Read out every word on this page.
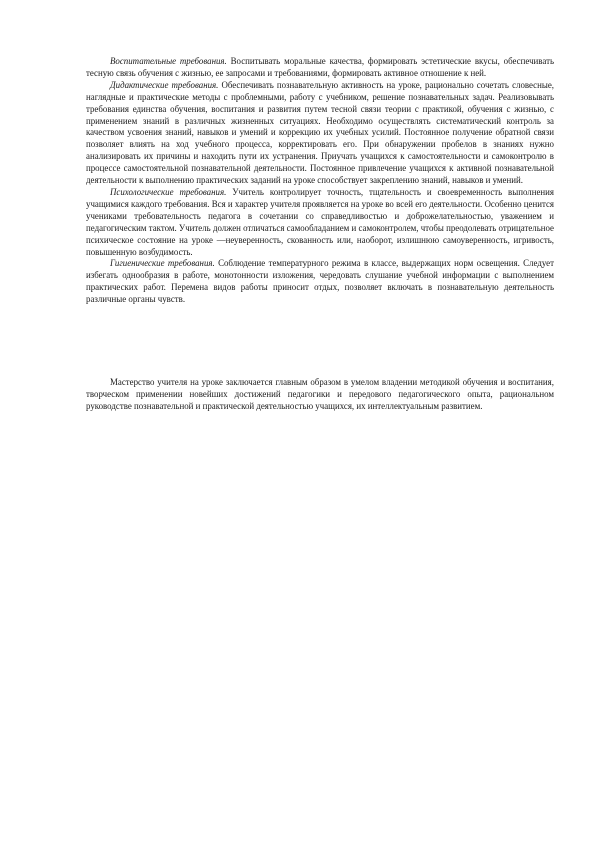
Воспитательные требования. Воспитывать моральные качества, формировать эстетические вкусы, обеспечивать тесную связь обучения с жизнью, ее запросами и требованиями, формировать активное отношение к ней.

Дидактические требования. Обеспечивать познавательную активность на уроке, рационально сочетать словесные, наглядные и практические методы с проблемными, работу с учебником, решение познавательных задач. Реализовывать требования единства обучения, воспитания и развития путем тесной связи теории с практикой, обучения с жизнью, с применением знаний в различных жизненных ситуациях. Необходимо осуществлять систематический контроль за качеством усвоения знаний, навыков и умений и коррекцию их учебных усилий. Постоянное получение обратной связи позволяет влиять на ход учебного процесса, корректировать его. При обнаружении пробелов в знаниях нужно анализировать их причины и находить пути их устранения. Приучать учащихся к самостоятельности и самоконтролю в процессе самостоятельной познавательной деятельности. Постоянное привлечение учащихся к активной познавательной деятельности к выполнению практических заданий на уроке способствует закреплению знаний, навыков и умений.

Психологические требования. Учитель контролирует точность, тщательность и своевременность выполнения учащимися каждого требования. Вся и характер учителя проявляется на уроке во всей его деятельности. Особенно ценится учениками требовательность педагога в сочетании со справедливостью и доброжелательностью, уважением и педагогическим тактом. Учитель должен отличаться самообладанием и самоконтролем, чтобы преодолевать отрицательное психическое состояние на уроке —неуверенность, скованность или, наоборот, излишнюю самоуверенность, игривость, повышенную возбудимость.

Гигиенические требования. Соблюдение температурного режима в классе, выдержащих норм освещения. Следует избегать однообразия в работе, монотонности изложения, чередовать слушание учебной информации с выполнением практических работ. Перемена видов работы приносит отдых, позволяет включать в познавательную деятельность различные органы чувств.

Мастерство учителя на уроке заключается главным образом в умелом владении методикой обучения и воспитания, творческом применении новейших достижений педагогики и передового педагогического опыта, рациональном руководстве познавательной и практической деятельностью учащихся, их интеллектуальным развитием.
